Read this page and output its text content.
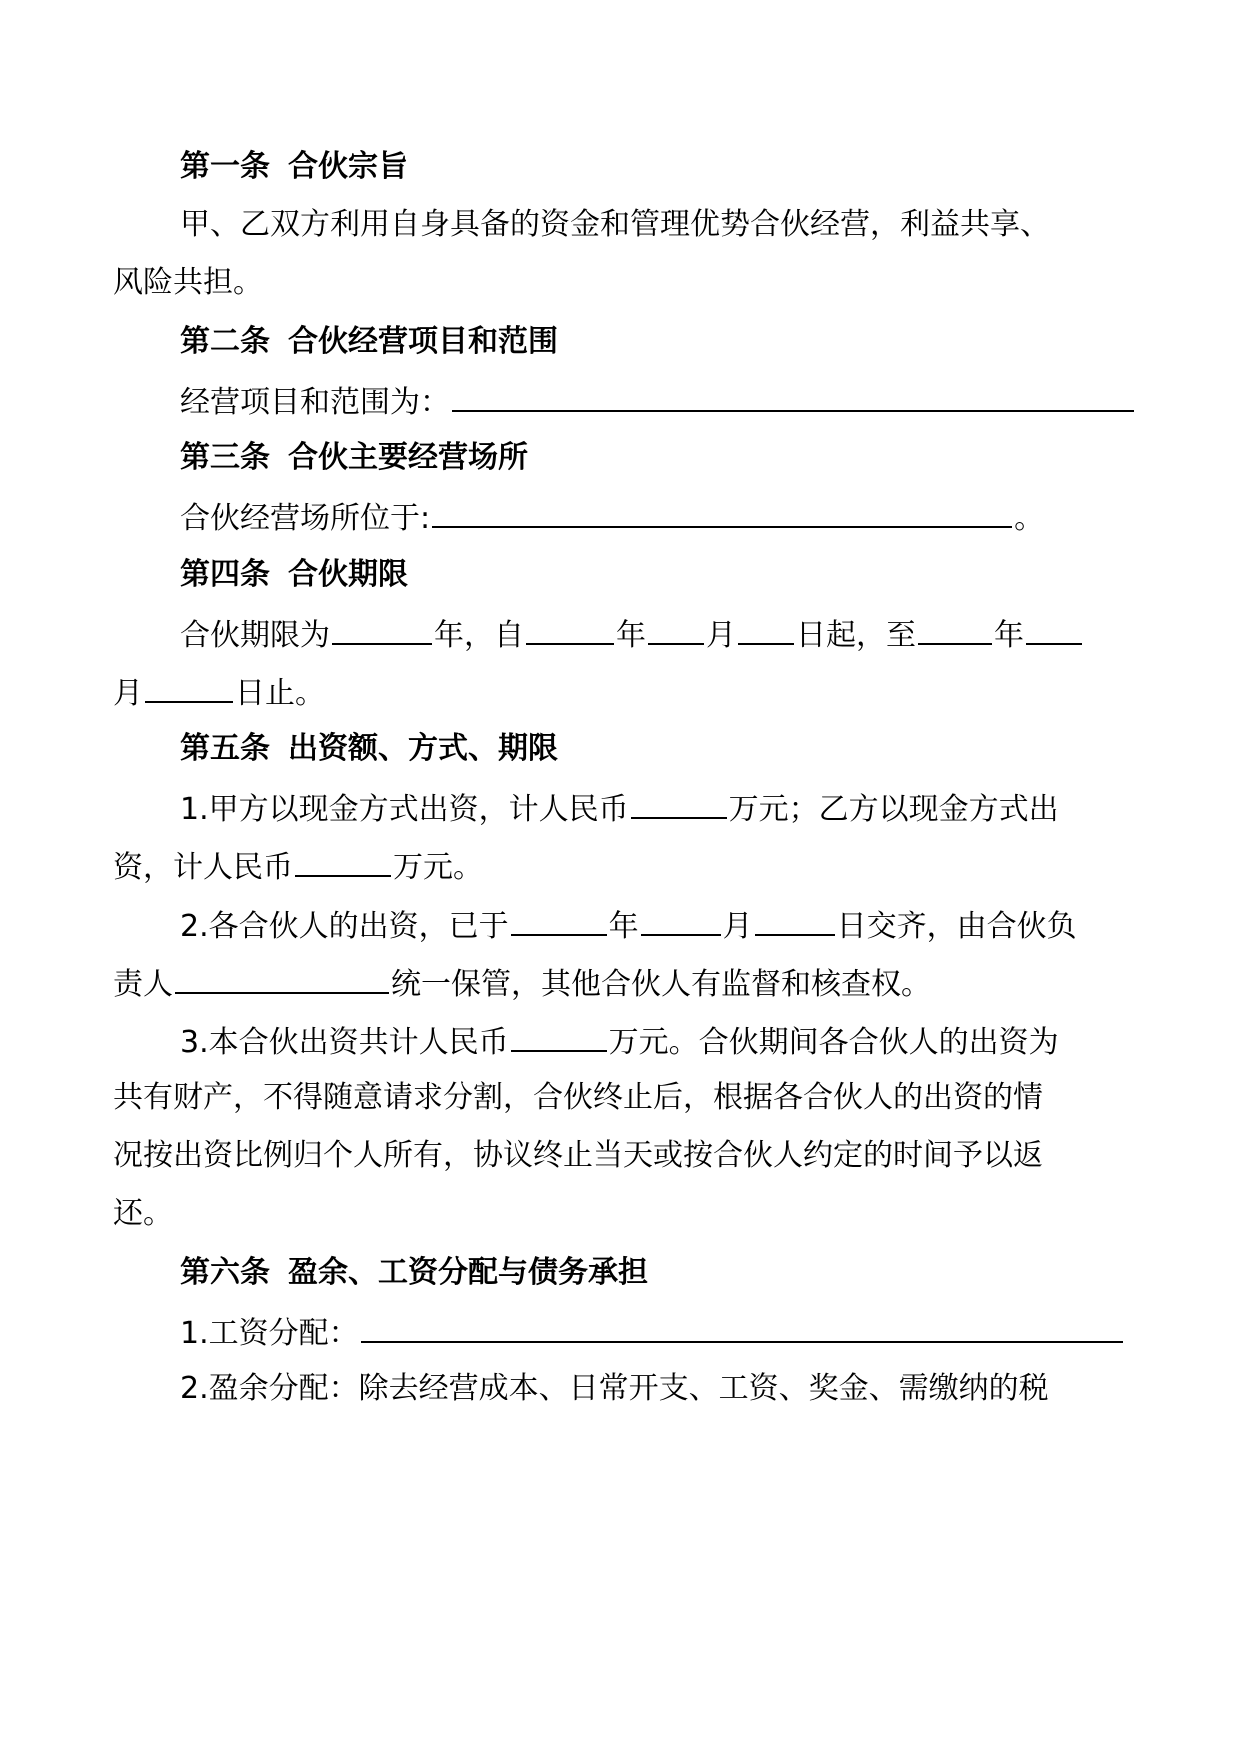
第一条 合伙宗旨
甲、乙双方利用自身具备的资金和管理优势合伙经营，利益共享、
风险共担。
第二条 合伙经营项目和范围
经营项目和范围为：
第三条 合伙主要经营场所
合伙经营场所位于:	。
第四条 合伙期限
合伙期限为	年，自	年 月 日起，至	年
月	日止。
第五条 出资额、方式、期限
1.甲方以现金方式出资，计人民币	万元；乙方以现金方式出
资，计人民币	万元。
2.各合伙人的出资，已于	年	月	日交齐，由合伙负
责人	统一保管，其他合伙人有监督和核查权。
3.本合伙出资共计人民币	万元。合伙期间各合伙人的出资为
共有财产，不得随意请求分割，合伙终止后，根据各合伙人的出资的情
况按出资比例归个人所有，协议终止当天或按合伙人约定的时间予以返
还。
第六条 盈余、工资分配与债务承担
1.工资分配：
2.盈余分配：除去经营成本、日常开支、工资、奖金、需缴纳的税
